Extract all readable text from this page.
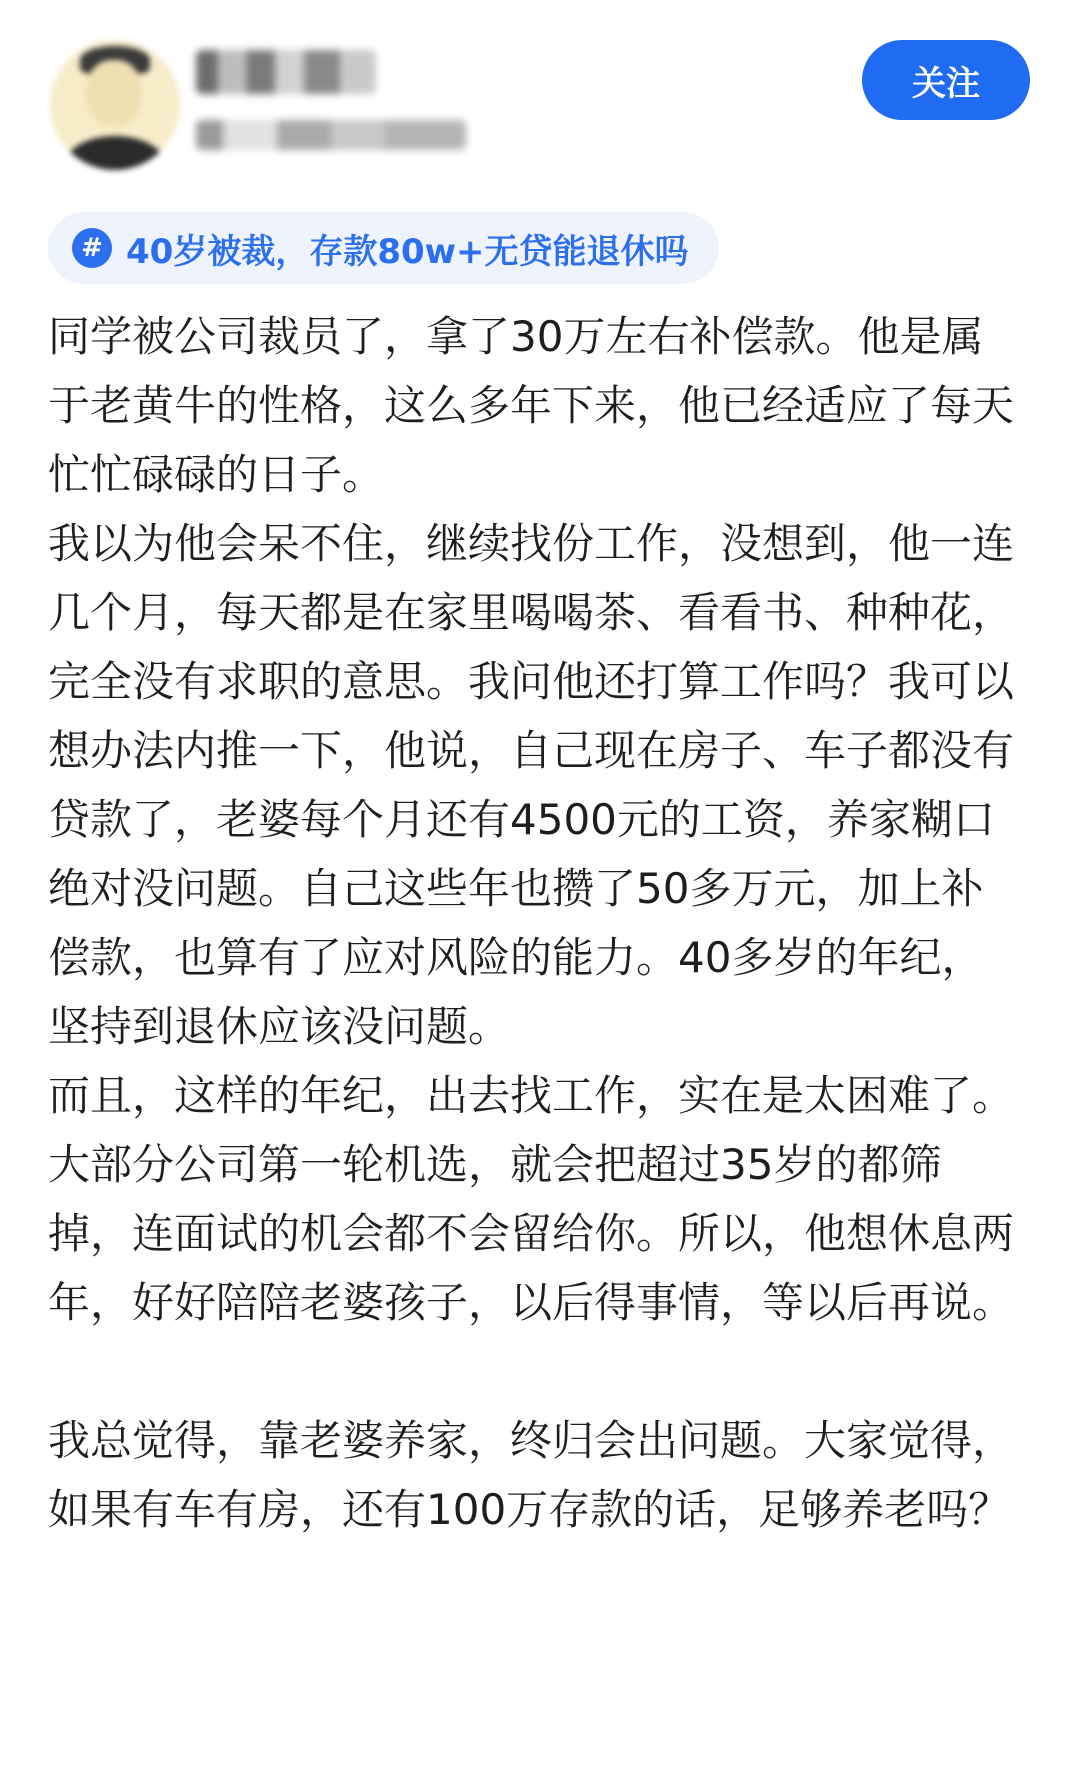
关注
# 40岁被裁，存款80w+无贷能退休吗

同学被公司裁员了，拿了30万左右补偿款。他是属于老黄牛的性格，这么多年下来，他已经适应了每天忙忙碌碌的日子。

我以为他会呆不住，继续找份工作，没想到，他一连几个月，每天都是在家里喝喝茶、看看书、种种花，完全没有求职的意思。我问他还打算工作吗？我可以想办法内推一下，他说，自己现在房子、车子都没有贷款了，老婆每个月还有4500元的工资，养家糊口绝对没问题。自己这些年也攒了50多万元，加上补偿款，也算有了应对风险的能力。40多岁的年纪，坚持到退休应该没问题。

而且，这样的年纪，出去找工作，实在是太困难了。大部分公司第一轮机选，就会把超过35岁的都筛掉，连面试的机会都不会留给你。所以，他想休息两年，好好陪陪老婆孩子，以后得事情，等以后再说。

我总觉得，靠老婆养家，终归会出问题。大家觉得，如果有车有房，还有100万存款的话，足够养老吗？
